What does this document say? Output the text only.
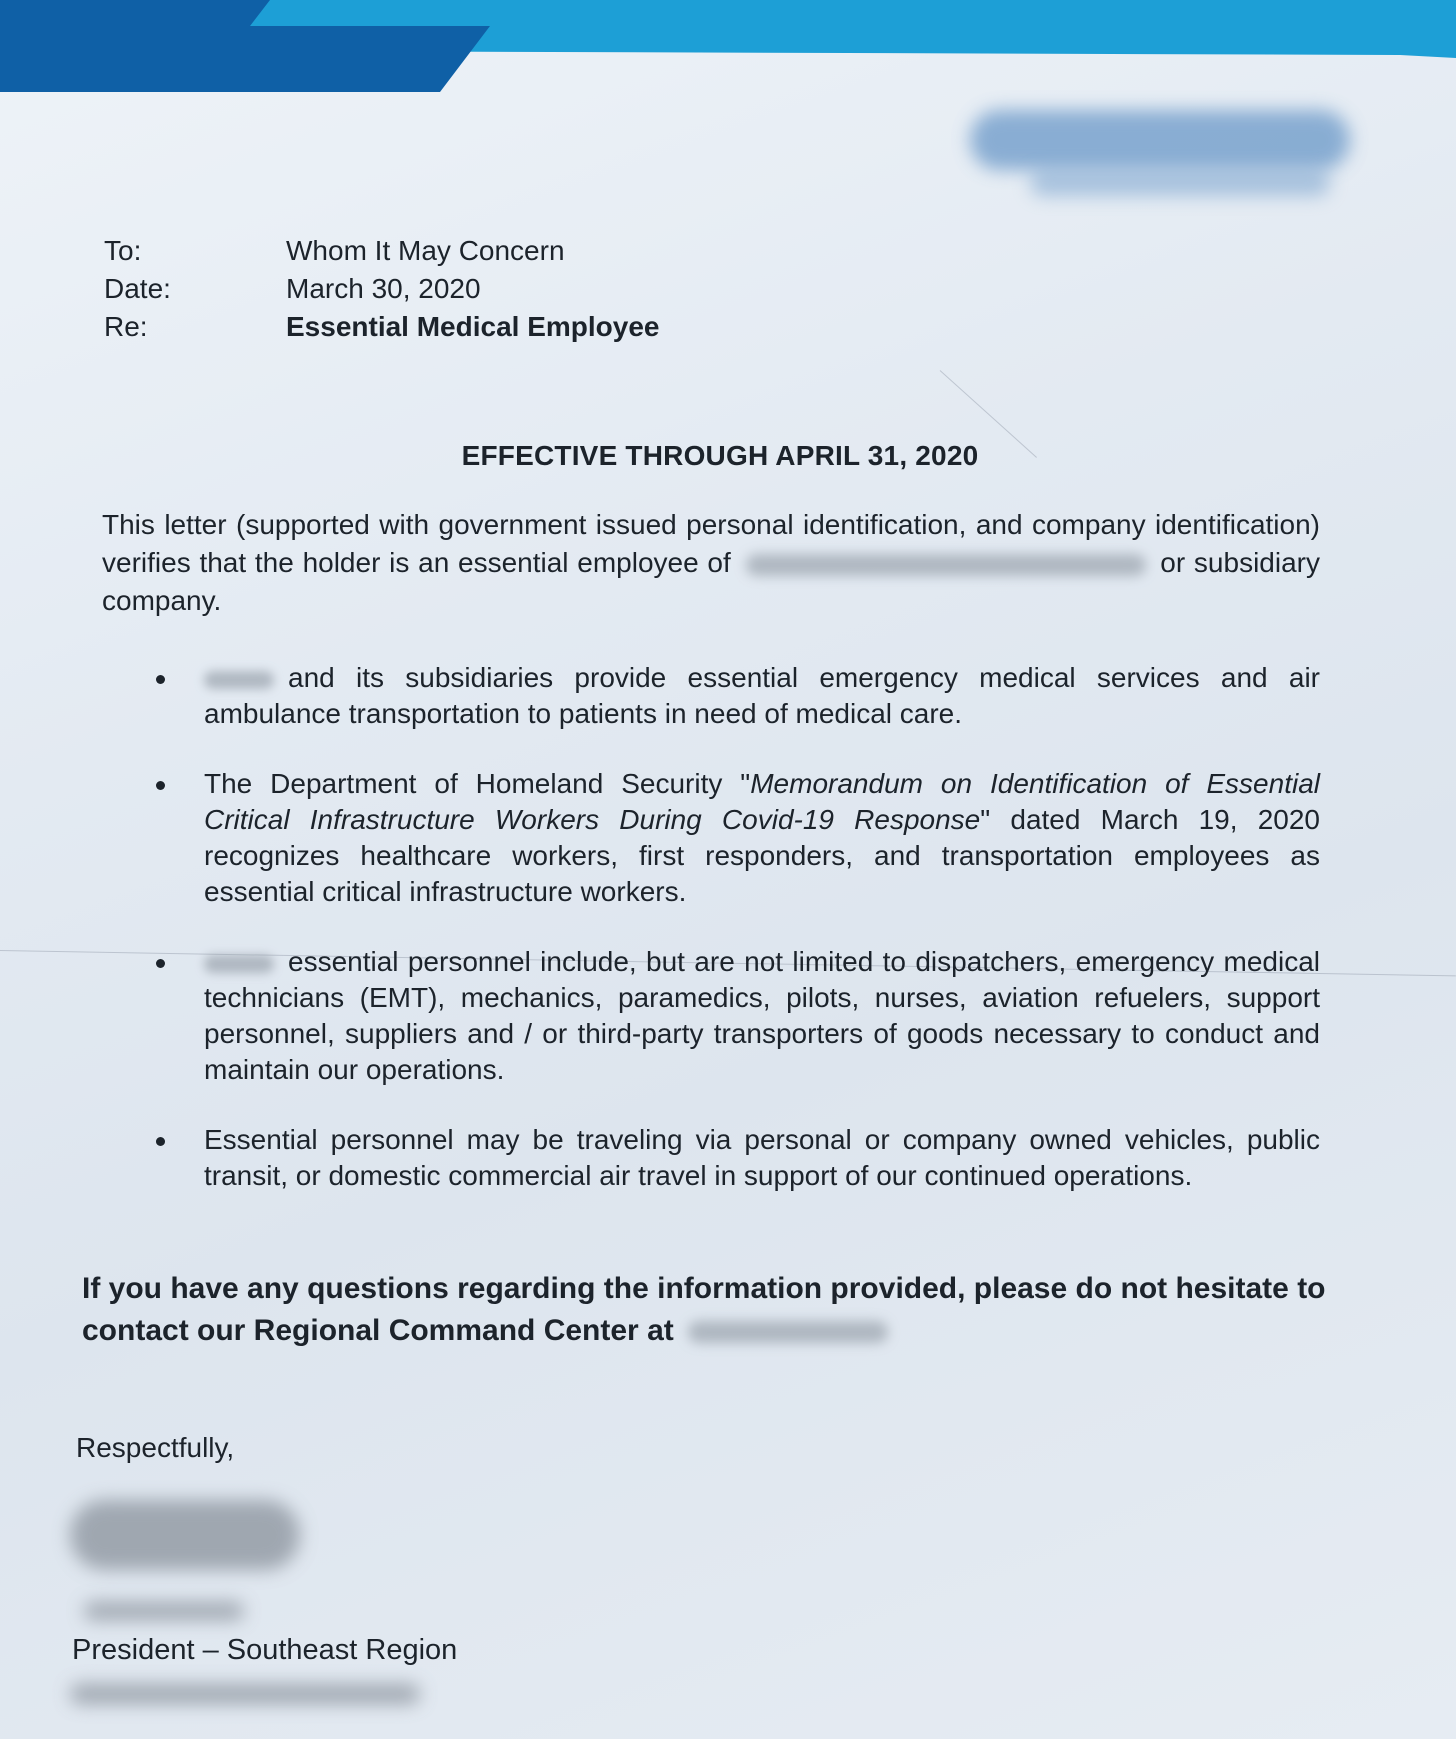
To:	Whom It May Concern
Date:	March 30, 2020
Re:	Essential Medical Employee
EFFECTIVE THROUGH APRIL 31, 2020
This letter (supported with government issued personal identification, and company identification) verifies that the holder is an essential employee of	or subsidiary company.
and its subsidiaries provide essential emergency medical services and air ambulance transportation to patients in need of medical care.
The Department of Homeland Security "Memorandum on Identification of Essential Critical Infrastructure Workers During Covid-19 Response" dated March 19, 2020 recognizes healthcare workers, first responders, and transportation employees as essential critical infrastructure workers.
essential personnel include, but are not limited to dispatchers, emergency medical technicians (EMT), mechanics, paramedics, pilots, nurses, aviation refuelers, support personnel, suppliers and / or third-party transporters of goods necessary to conduct and maintain our operations.
Essential personnel may be traveling via personal or company owned vehicles, public transit, or domestic commercial air travel in support of our continued operations.
If you have any questions regarding the information provided, please do not hesitate to contact our Regional Command Center at
Respectfully,
President – Southeast Region
